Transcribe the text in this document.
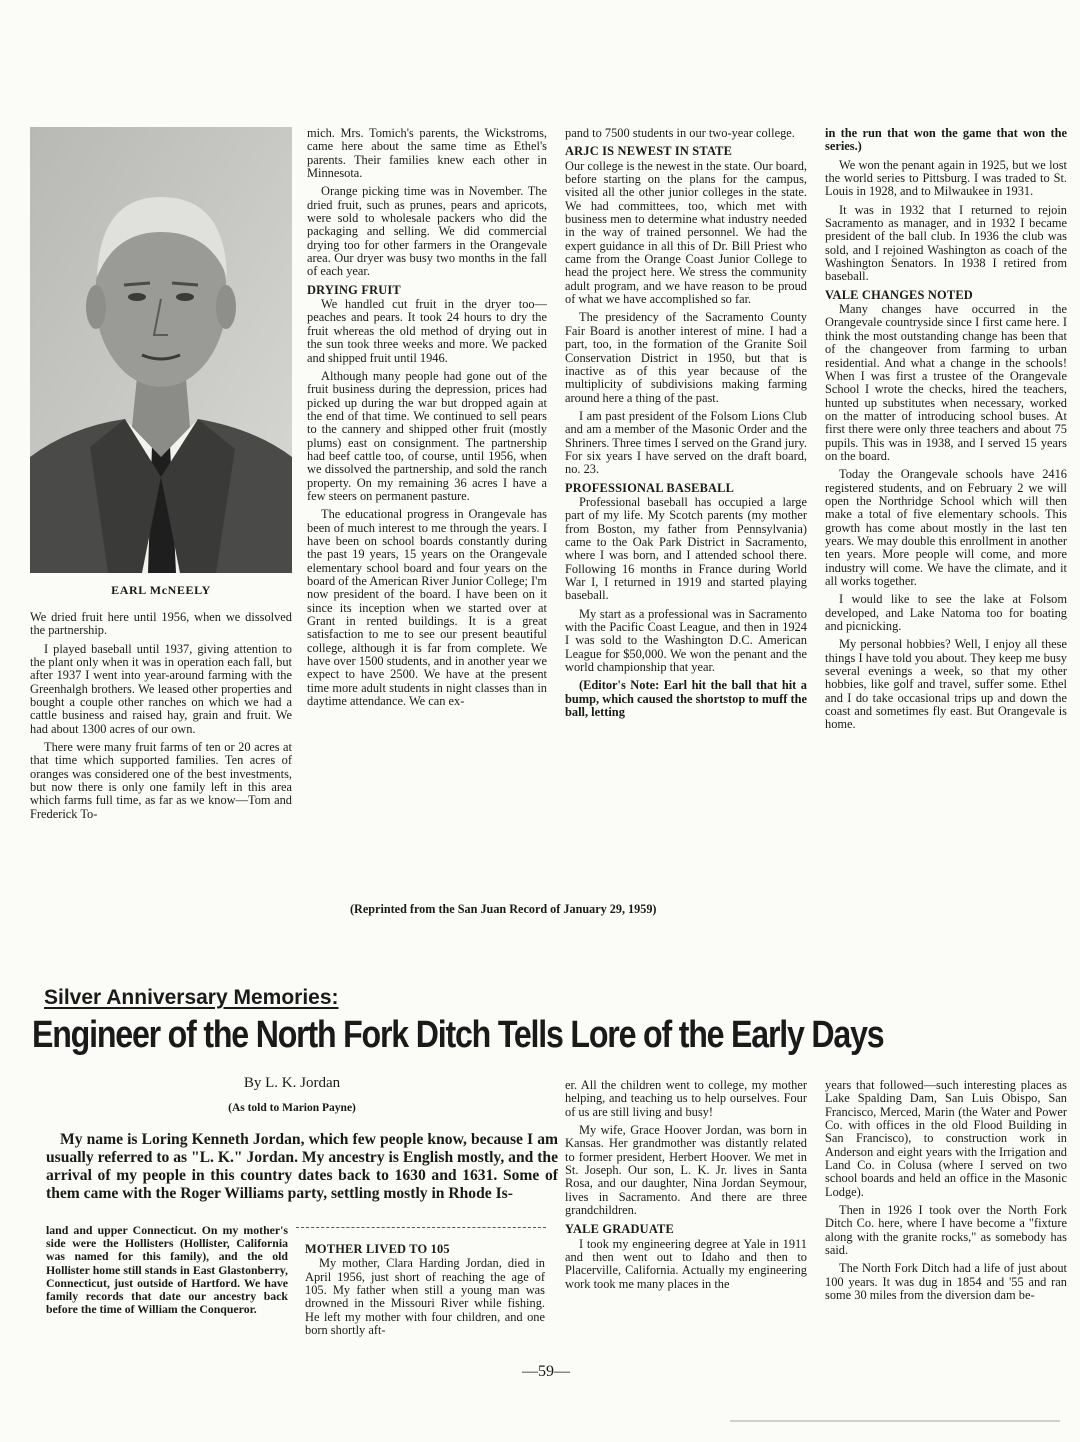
EARL McNEELY

We dried fruit here until 1956, when we dissolved the partnership.

I played baseball until 1937, giving attention to the plant only when it was in operation each fall, but after 1937 I went into year-around farming with the Greenhalgh brothers. We leased other properties and bought a couple other ranches on which we had a cattle business and raised hay, grain and fruit. We had about 1300 acres of our own.

There were many fruit farms of ten or 20 acres at that time which supported families. Ten acres of oranges was considered one of the best investments, but now there is only one family left in this area which farms full time, as far as we know—Tom and Frederick To-

mich. Mrs. Tomich's parents, the Wickstroms, came here about the same time as Ethel's parents. Their families knew each other in Minnesota.

Orange picking time was in November. The dried fruit, such as prunes, pears and apricots, were sold to wholesale packers who did the packaging and selling. We did commercial drying too for other farmers in the Orangevale area. Our dryer was busy two months in the fall of each year.

DRYING FRUIT

We handled cut fruit in the dryer too—peaches and pears. It took 24 hours to dry the fruit whereas the old method of drying out in the sun took three weeks and more. We packed and shipped fruit until 1946.

Although many people had gone out of the fruit business during the depression, prices had picked up during the war but dropped again at the end of that time. We continued to sell pears to the cannery and shipped other fruit (mostly plums) east on consignment. The partnership had beef cattle too, of course, until 1956, when we dissolved the partnership, and sold the ranch property. On my remaining 36 acres I have a few steers on permanent pasture.

The educational progress in Orangevale has been of much interest to me through the years. I have been on school boards constantly during the past 19 years, 15 years on the Orangevale elementary school board and four years on the board of the American River Junior College; I'm now president of the board. I have been on it since its inception when we started over at Grant in rented buildings. It is a great satisfaction to me to see our present beautiful college, although it is far from complete. We have over 1500 students, and in another year we expect to have 2500. We have at the present time more adult students in night classes than in daytime attendance. We can ex-

pand to 7500 students in our two-year college.

ARJC IS NEWEST IN STATE

Our college is the newest in the state. Our board, before starting on the plans for the campus, visited all the other junior colleges in the state. We had committees, too, which met with business men to determine what industry needed in the way of trained personnel. We had the expert guidance in all this of Dr. Bill Priest who came from the Orange Coast Junior College to head the project here. We stress the community adult program, and we have reason to be proud of what we have accomplished so far.

The presidency of the Sacramento County Fair Board is another interest of mine. I had a part, too, in the formation of the Granite Soil Conservation District in 1950, but that is inactive as of this year because of the multiplicity of subdivisions making farming around here a thing of the past.

I am past president of the Folsom Lions Club and am a member of the Masonic Order and the Shriners. Three times I served on the Grand jury. For six years I have served on the draft board, no. 23.

PROFESSIONAL BASEBALL

Professional baseball has occupied a large part of my life. My Scotch parents (my mother from Boston, my father from Pennsylvania) came to the Oak Park District in Sacramento, where I was born, and I attended school there. Following 16 months in France during World War I, I returned in 1919 and started playing baseball.

My start as a professional was in Sacramento with the Pacific Coast League, and then in 1924 I was sold to the Washington D.C. American League for $50,000. We won the penant and the world championship that year.

(Editor's Note: Earl hit the ball that hit a bump, which caused the shortstop to muff the ball, letting

in the run that won the game that won the series.)

We won the penant again in 1925, but we lost the world series to Pittsburg. I was traded to St. Louis in 1928, and to Milwaukee in 1931.

It was in 1932 that I returned to rejoin Sacramento as manager, and in 1932 I became president of the ball club. In 1936 the club was sold, and I rejoined Washington as coach of the Washington Senators. In 1938 I retired from baseball.

VALE CHANGES NOTED

Many changes have occurred in the Orangevale countryside since I first came here. I think the most outstanding change has been that of the changeover from farming to urban residential. And what a change in the schools! When I was first a trustee of the Orangevale School I wrote the checks, hired the teachers, hunted up substitutes when necessary, worked on the matter of introducing school buses. At first there were only three teachers and about 75 pupils. This was in 1938, and I served 15 years on the board.

Today the Orangevale schools have 2416 registered students, and on February 2 we will open the Northridge School which will then make a total of five elementary schools. This growth has come about mostly in the last ten years. We may double this enrollment in another ten years. More people will come, and more industry will come. We have the climate, and it all works together.

I would like to see the lake at Folsom developed, and Lake Natoma too for boating and picnicking.

My personal hobbies? Well, I enjoy all these things I have told you about. They keep me busy several evenings a week, so that my other hobbies, like golf and travel, suffer some. Ethel and I do take occasional trips up and down the coast and sometimes fly east. But Orangevale is home.

(Reprinted from the San Juan Record of January 29, 1959)
Silver Anniversary Memories:
Engineer of the North Fork Ditch Tells Lore of the Early Days
By L. K. Jordan
(As told to Marion Payne)
My name is Loring Kenneth Jordan, which few people know, because I am usually referred to as "L. K." Jordan. My ancestry is English mostly, and the arrival of my people in this country dates back to 1630 and 1631. Some of them came with the Roger Williams party, settling mostly in Rhode Is-

land and upper Connecticut. On my mother's side were the Hollisters (Hollister, California was named for this family), and the old Hollister home still stands in East Glastonberry, Connecticut, just outside of Hartford. We have family records that date our ancestry back before the time of William the Conqueror.

MOTHER LIVED TO 105

My mother, Clara Harding Jordan, died in April 1956, just short of reaching the age of 105. My father when still a young man was drowned in the Missouri River while fishing. He left my mother with four children, and one born shortly aft-

er. All the children went to college, my mother helping, and teaching us to help ourselves. Four of us are still living and busy!

My wife, Grace Hoover Jordan, was born in Kansas. Her grandmother was distantly related to former president, Herbert Hoover. We met in St. Joseph. Our son, L. K. Jr. lives in Santa Rosa, and our daughter, Nina Jordan Seymour, lives in Sacramento. And there are three grandchildren.

YALE GRADUATE

I took my engineering degree at Yale in 1911 and then went out to Idaho and then to Placerville, California. Actually my engineering work took me many places in the

years that followed—such interesting places as Lake Spalding Dam, San Luis Obispo, San Francisco, Merced, Marin (the Water and Power Co. with offices in the old Flood Building in San Francisco), to construction work in Anderson and eight years with the Irrigation and Land Co. in Colusa (where I served on two school boards and held an office in the Masonic Lodge).

Then in 1926 I took over the North Fork Ditch Co. here, where I have become a "fixture along with the granite rocks," as somebody has said.

The North Fork Ditch had a life of just about 100 years. It was dug in 1854 and '55 and ran some 30 miles from the diversion dam be-

—59—
